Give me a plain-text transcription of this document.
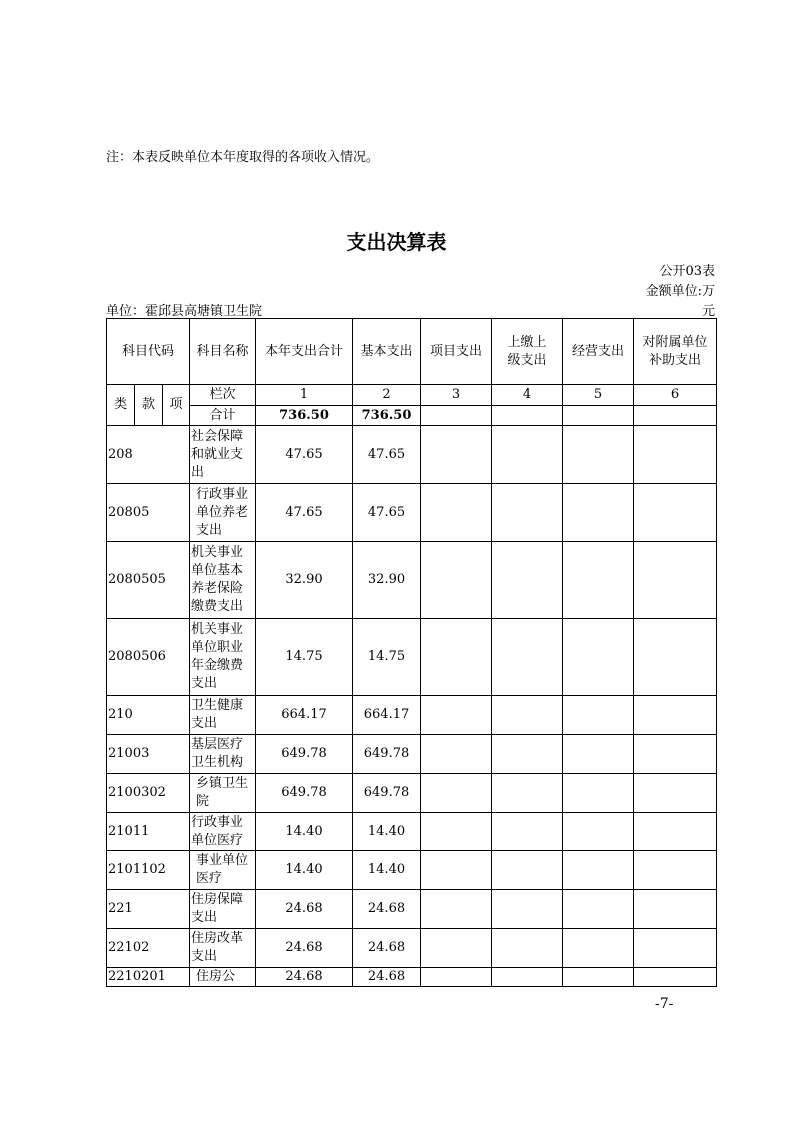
注：本表反映单位本年度取得的各项收入情况。
支出决算表
公开03表
金额单位:万
元
单位：霍邱县高塘镇卫生院
科目代码			科目名称	本年支出合计	基本支出	项目支出	上缴上级支出	经营支出	对附属单位补助支出
类	款	项	栏次	1	2	3	4	5	6
			合计	736.50	736.50				
208			社会保障和就业支出	47.65	47.65				
20805			行政事业单位养老支出	47.65	47.65				
2080505			机关事业单位基本养老保险缴费支出	32.90	32.90				
2080506			机关事业单位职业年金缴费支出	14.75	14.75				
210			卫生健康支出	664.17	664.17				
21003			基层医疗卫生机构	649.78	649.78				
2100302			乡镇卫生院	649.78	649.78				
21011			行政事业单位医疗	14.40	14.40				
2101102			事业单位医疗	14.40	14.40				
221			住房保障支出	24.68	24.68				
22102			住房改革支出	24.68	24.68				
2210201			住房公	24.68	24.68				
-7-
